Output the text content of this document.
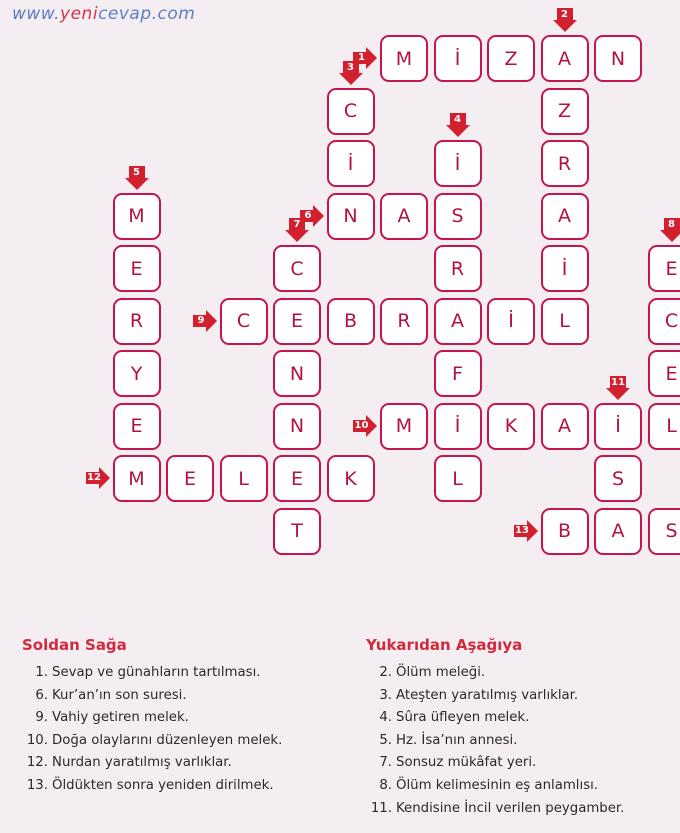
www.yenicevap.com
M	İ	Z	A	N
C	Z
İ	İ	R
M	N	A	S	A
E	C	R	İ	E
R	C	E	B	R	A	İ	L	C
Y	N	F	E
E	N	M	İ	K	A	İ	L
M	E	L	E	K	L	S
T	B	A	S
1
2
3
4
5
6
7	8
9
10
11
12
13
Soldan Sağa
1. Sevap ve günahların tartılması.
6. Kur’an’ın son suresi.
9. Vahiy getiren melek.
10. Doğa olaylarını düzenleyen melek.
12. Nurdan yaratılmış varlıklar.
13. Öldükten sonra yeniden dirilmek.
Yukarıdan Aşağıya
2. Ölüm meleği.
3. Ateşten yaratılmış varlıklar.
4. Sûra üfleyen melek.
5. Hz. İsa’nın annesi.
7. Sonsuz mükâfat yeri.
8. Ölüm kelimesinin eş anlamlısı.
11. Kendisine İncil verilen peygamber.
